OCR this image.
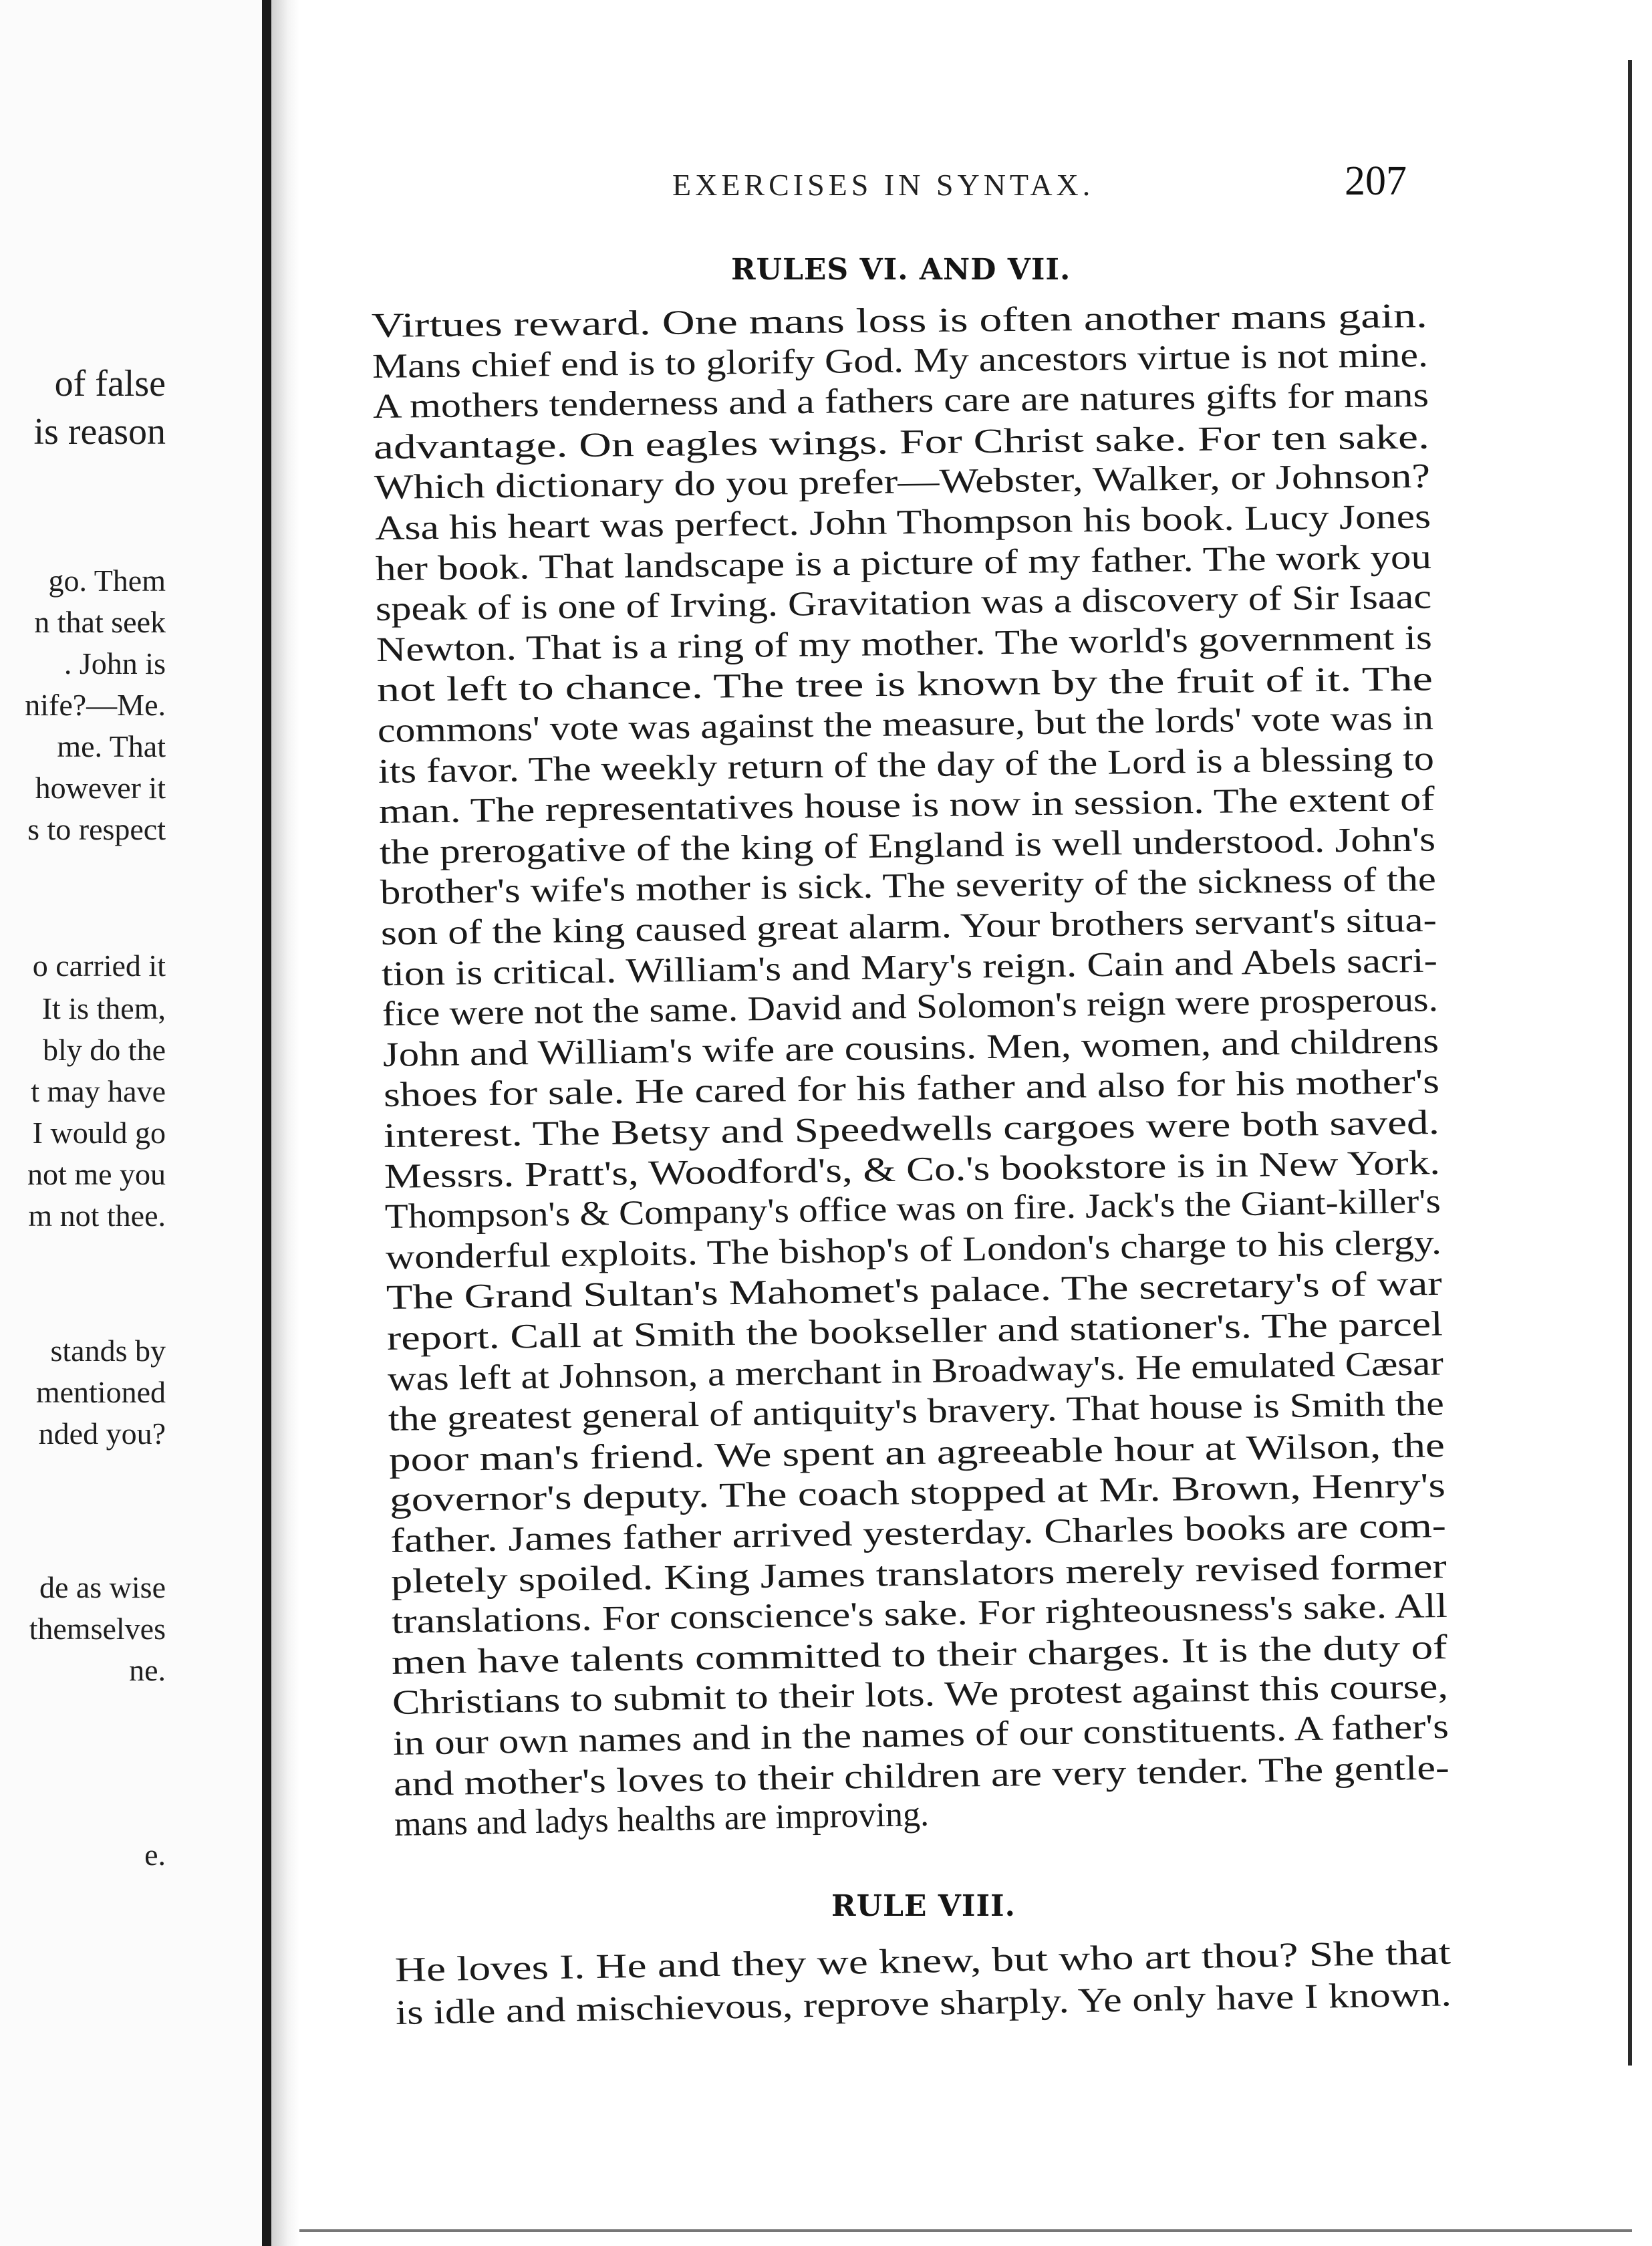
of false
is reason
go. Them
n that seek
. John is
nife?—Me.
me. That
however it
s to respect
o carried it
It is them,
bly do the
t may have
I would go
not me you
m not thee.
stands by
mentioned
nded you?
de as wise
themselves
ne.
e.
EXERCISES IN SYNTAX.	207
RULES VI. AND VII.
Virtues reward. One mans loss is often another mans gain.
Mans chief end is to glorify God. My ancestors virtue is not mine.
A mothers tenderness and a fathers care are natures gifts for mans
advantage. On eagles wings. For Christ sake. For ten sake.
Which dictionary do you prefer—Webster, Walker, or Johnson?
Asa his heart was perfect. John Thompson his book. Lucy Jones
her book. That landscape is a picture of my father. The work you
speak of is one of Irving. Gravitation was a discovery of Sir Isaac
Newton. That is a ring of my mother. The world's government is
not left to chance. The tree is known by the fruit of it. The
commons' vote was against the measure, but the lords' vote was in
its favor. The weekly return of the day of the Lord is a blessing to
man. The representatives house is now in session. The extent of
the prerogative of the king of England is well understood. John's
brother's wife's mother is sick. The severity of the sickness of the
son of the king caused great alarm. Your brothers servant's situa-
tion is critical. William's and Mary's reign. Cain and Abels sacri-
fice were not the same. David and Solomon's reign were prosperous.
John and William's wife are cousins. Men, women, and childrens
shoes for sale. He cared for his father and also for his mother's
interest. The Betsy and Speedwells cargoes were both saved.
Messrs. Pratt's, Woodford's, & Co.'s bookstore is in New York.
Thompson's & Company's office was on fire. Jack's the Giant-killer's
wonderful exploits. The bishop's of London's charge to his clergy.
The Grand Sultan's Mahomet's palace. The secretary's of war
report. Call at Smith the bookseller and stationer's. The parcel
was left at Johnson, a merchant in Broadway's. He emulated Cæsar
the greatest general of antiquity's bravery. That house is Smith the
poor man's friend. We spent an agreeable hour at Wilson, the
governor's deputy. The coach stopped at Mr. Brown, Henry's
father. James father arrived yesterday. Charles books are com-
pletely spoiled. King James translators merely revised former
translations. For conscience's sake. For righteousness's sake. All
men have talents committed to their charges. It is the duty of
Christians to submit to their lots. We protest against this course,
in our own names and in the names of our constituents. A father's
and mother's loves to their children are very tender. The gentle-
mans and ladys healths are improving.
RULE VIII.
He loves I. He and they we knew, but who art thou? She that
is idle and mischievous, reprove sharply. Ye only have I known.
